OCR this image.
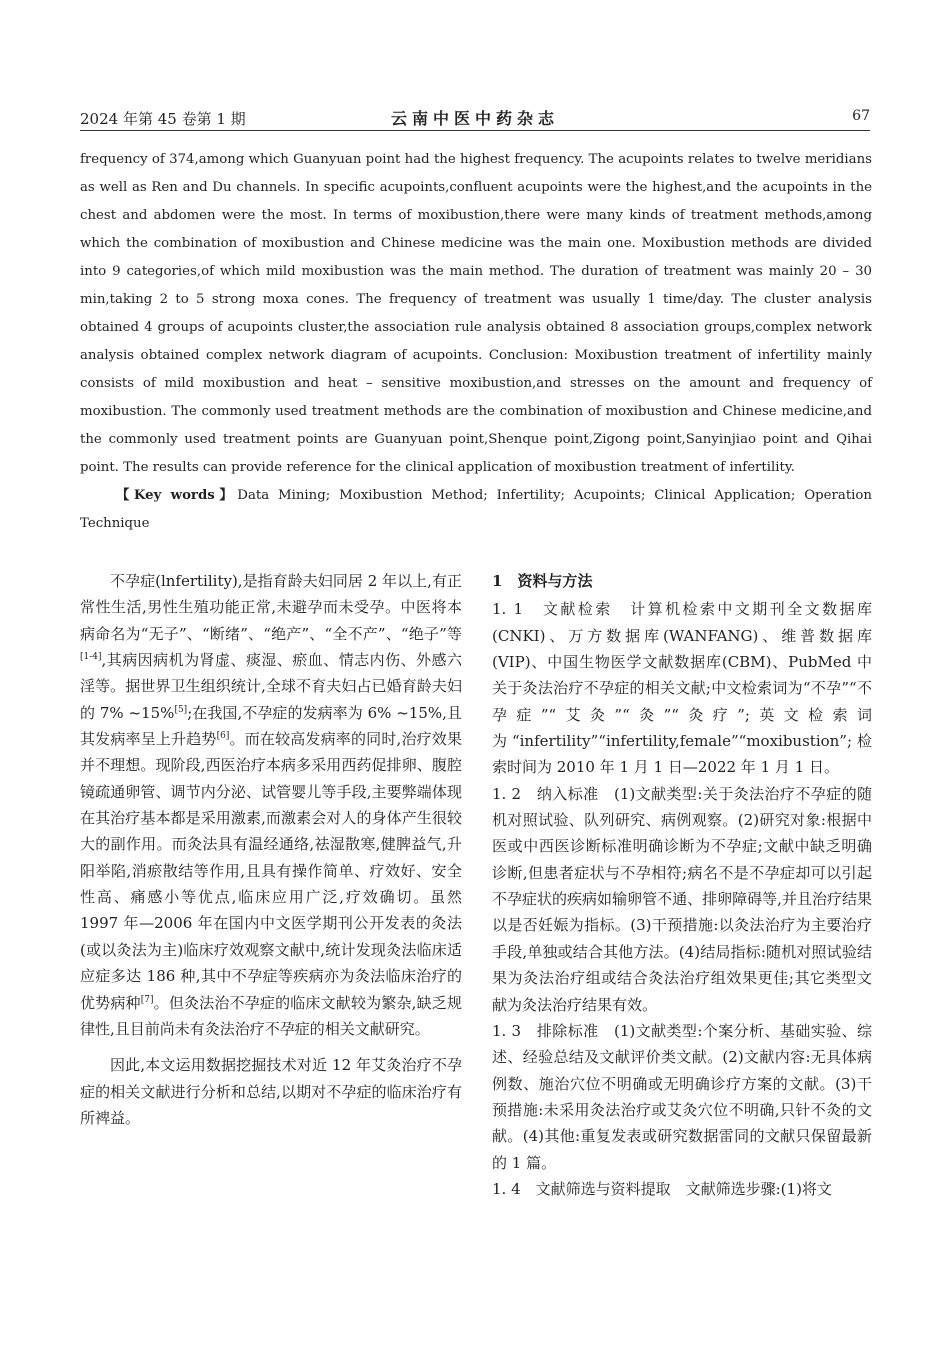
2024 年第 45 卷第 1 期	云南中医中药杂志	67

frequency of 374,among which Guanyuan point had the highest frequency. The acupoints relates to twelve meridians as well as Ren and Du channels. In specific acupoints,confluent acupoints were the highest,and the acupoints in the chest and abdomen were the most. In terms of moxibustion,there were many kinds of treatment methods,among which the combination of moxibustion and Chinese medicine was the main one. Moxibustion methods are divided into 9 categories,of which mild moxibustion was the main method. The duration of treatment was mainly 20 – 30 min,taking 2 to 5 strong moxa cones. The frequency of treatment was usually 1 time/day. The cluster analysis obtained 4 groups of acupoints cluster,the association rule analysis obtained 8 association groups,complex network analysis obtained complex network diagram of acupoints. Conclusion: Moxibustion treatment of infertility mainly consists of mild moxibustion and heat – sensitive moxibustion,and stresses on the amount and frequency of moxibustion. The commonly used treatment methods are the combination of moxibustion and Chinese medicine,and the commonly used treatment points are Guanyuan point,Shenque point,Zigong point,Sanyinjiao point and Qihai point. The results can provide reference for the clinical application of moxibustion treatment of infertility.

【Key words】Data Mining; Moxibustion Method; Infertility; Acupoints; Clinical Application; Operation Technique

不孕症(lnfertility),是指育龄夫妇同居 2 年以上,有正常性生活,男性生殖功能正常,未避孕而未受孕。中医将本病命名为“无子”、“断绪”、“绝产”、“全不产”、“绝子”等[1-4],其病因病机为肾虚、痰湿、瘀血、情志内伤、外感六淫等。据世界卫生组织统计,全球不育夫妇占已婚育龄夫妇的 7% ~15%[5];在我国,不孕症的发病率为 6% ~15%,且其发病率呈上升趋势[6]。而在较高发病率的同时,治疗效果并不理想。现阶段,西医治疗本病多采用西药促排卵、腹腔镜疏通卵管、调节内分泌、试管婴儿等手段,主要弊端体现在其治疗基本都是采用激素,而激素会对人的身体产生很较大的副作用。而灸法具有温经通络,祛湿散寒,健脾益气,升阳举陷,消瘀散结等作用,且具有操作简单、疗效好、安全性高、痛感小等优点,临床应用广泛,疗效确切。虽然 1997 年—2006 年在国内中文医学期刊公开发表的灸法(或以灸法为主)临床疗效观察文献中,统计发现灸法临床适应症多达 186 种,其中不孕症等疾病亦为灸法临床治疗的优势病种[7]。但灸法治不孕症的临床文献较为繁杂,缺乏规律性,且目前尚未有灸法治疗不孕症的相关文献研究。

因此,本文运用数据挖掘技术对近 12 年艾灸治疗不孕症的相关文献进行分析和总结,以期对不孕症的临床治疗有所裨益。

1　资料与方法

1. 1　文献检索　计算机检索中文期刊全文数据库(CNKI)、万方数据库(WANFANG)、维普数据库(VIP)、中国生物医学文献数据库(CBM)、PubMed 中关于灸法治疗不孕症的相关文献;中文检索词为“不孕”“不孕症”“艾灸”“灸”“灸疗”;英文检索词为“infertility”“infertility,female”“moxibustion”;检索时间为 2010 年 1 月 1 日—2022 年 1 月 1 日。

1. 2　纳入标准　(1)文献类型:关于灸法治疗不孕症的随机对照试验、队列研究、病例观察。(2)研究对象:根据中医或中西医诊断标准明确诊断为不孕症;文献中缺乏明确诊断,但患者症状与不孕相符;病名不是不孕症却可以引起不孕症状的疾病如输卵管不通、排卵障碍等,并且治疗结果以是否妊娠为指标。(3)干预措施:以灸法治疗为主要治疗手段,单独或结合其他方法。(4)结局指标:随机对照试验结果为灸法治疗组或结合灸法治疗组效果更佳;其它类型文献为灸法治疗结果有效。

1. 3　排除标准　(1)文献类型:个案分析、基础实验、综述、经验总结及文献评价类文献。(2)文献内容:无具体病例数、施治穴位不明确或无明确诊疗方案的文献。(3)干预措施:未采用灸法治疗或艾灸穴位不明确,只针不灸的文献。(4)其他:重复发表或研究数据雷同的文献只保留最新的 1 篇。

1. 4　文献筛选与资料提取　文献筛选步骤:(1)将文
